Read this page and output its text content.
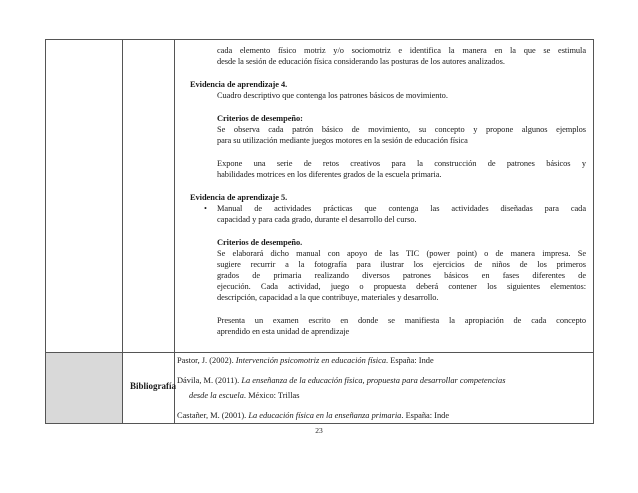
cada elemento físico motriz y/o sociomotriz e identifica la manera en la que se estimula
desde la sesión de educación física considerando las posturas de los autores analizados.
Evidencia de aprendizaje 4.
Cuadro descriptivo que contenga los patrones básicos de movimiento.
Criterios de desempeño:
Se observa cada patrón básico de movimiento, su concepto y propone algunos ejemplos
para su utilización mediante juegos motores en la sesión de educación física
Expone una serie de retos creativos para la construcción de patrones básicos y
habilidades motrices en los diferentes grados de la escuela primaria.
Evidencia de aprendizaje 5.
• Manual de actividades prácticas que contenga las actividades diseñadas para cada
capacidad y para cada grado, durante el desarrollo del curso.
Criterios de desempeño.
Se elaborará dicho manual con apoyo de las TIC (power point) o de manera impresa. Se
sugiere recurrir a la fotografía para ilustrar los ejercicios de niños de los primeros
grados de primaria realizando diversos patrones básicos en fases diferentes de
ejecución. Cada actividad, juego o propuesta deberá contener los siguientes elementos:
descripción, capacidad a la que contribuye, materiales y desarrollo.
Presenta un examen escrito en donde se manifiesta la apropiación de cada concepto
aprendido en esta unidad de aprendizaje
Bibliografía
Pastor, J. (2002). Intervención psicomotriz en educación física. España: Inde
Dávila, M. (2011). La enseñanza de la educación física, propuesta para desarrollar competencias
desde la escuela. México: Trillas
Castañer, M. (2001). La educación física en la enseñanza primaria. España: Inde
23
